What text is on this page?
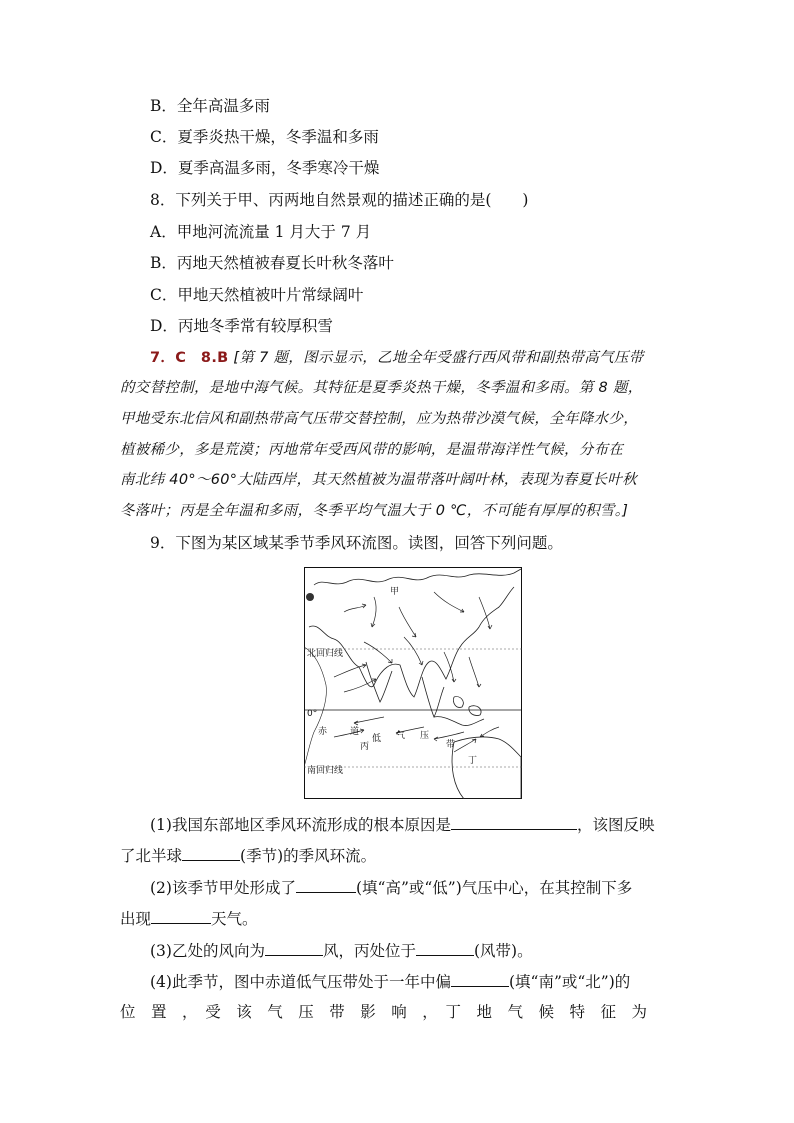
B．全年高温多雨
C．夏季炎热干燥，冬季温和多雨
D．夏季高温多雨，冬季寒冷干燥
8．下列关于甲、丙两地自然景观的描述正确的是(　　)
A．甲地河流流量 1 月大于 7 月
B．丙地天然植被春夏长叶秋冬落叶
C．甲地天然植被叶片常绿阔叶
D．丙地冬季常有较厚积雪
7．C　8.B [第 7 题，图示显示，乙地全年受盛行西风带和副热带高气压带
的交替控制，是地中海气候。其特征是夏季炎热干燥，冬季温和多雨。第 8 题，
甲地受东北信风和副热带高气压带交替控制，应为热带沙漠气候，全年降水少，
植被稀少，多是荒漠；丙地常年受西风带的影响，是温带海洋性气候，分布在
南北纬 40°～60°大陆西岸，其天然植被为温带落叶阔叶林，表现为春夏长叶秋
冬落叶；丙是全年温和多雨，冬季平均气温大于 0 ℃，不可能有厚厚的积雪。]
9．下图为某区域某季节季风环流图。读图，回答下列问题。
甲
北回归线
0°
赤	道
低 气 压
带
丙
丁
南回归线
(1)我国东部地区季风环流形成的根本原因是	，该图反映
了北半球	(季节)的季风环流。
(2)该季节甲处形成了	(填“高”或“低”)气压中心，在其控制下多
出现	天气。
(3)乙处的风向为	风，丙处位于	(风带)。
(4)此季节，图中赤道低气压带处于一年中偏	(填“南”或“北”)的
位　置　，　受　该　气　压　带　影　响　，　丁　地　气　候　特　征　为
